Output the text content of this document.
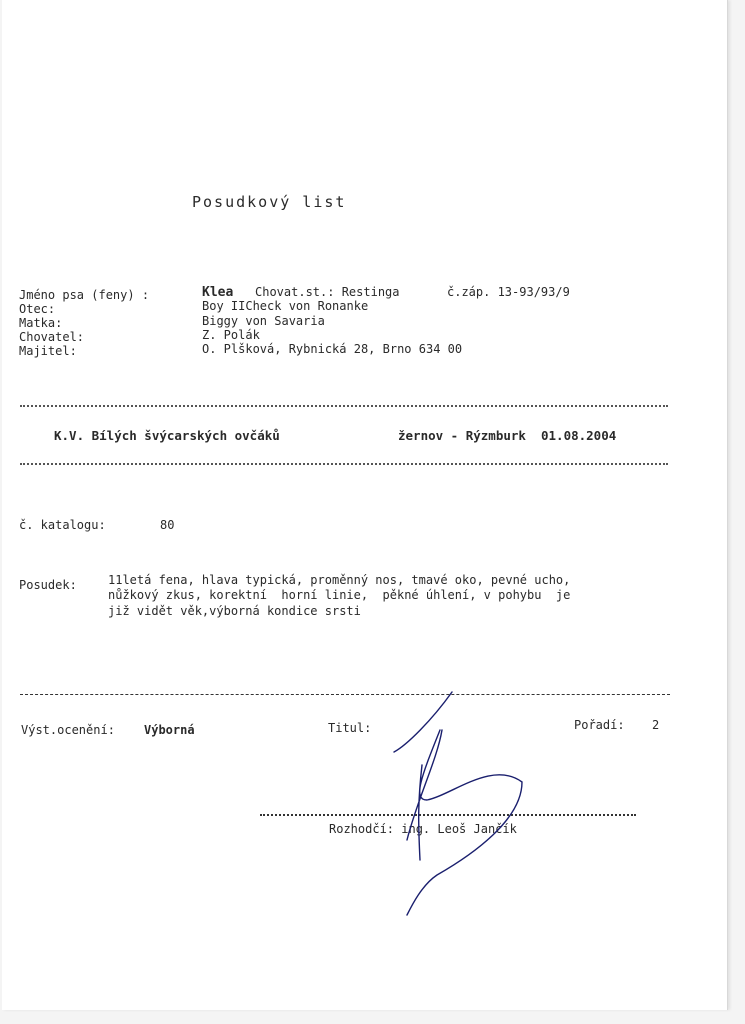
Posudkový list
Jméno psa (feny) :	Klea Chovat.st.: Restinga	č.záp. 13-93/93/9
Otec:	Boy IICheck von Ronanke
Matka:	Biggy von Savaria
Chovatel:	Z. Polák
Majitel:	O. Plšková, Rybnická 28, Brno 634 00
K.V. Bílých švýcarských ovčáků	žernov - Rýzmburk  01.08.2004
č. katalogu:	80
Posudek:	11letá fena, hlava typická, proměnný nos, tmavé oko, pevné ucho,
nůžkový zkus, korektní  horní linie,  pěkné úhlení, v pohybu  je
již vidět věk,výborná kondice srsti
Výst.ocenění: Výborná	Titul:	Pořadí: 2
Rozhodčí: ing. Leoš Jančík
